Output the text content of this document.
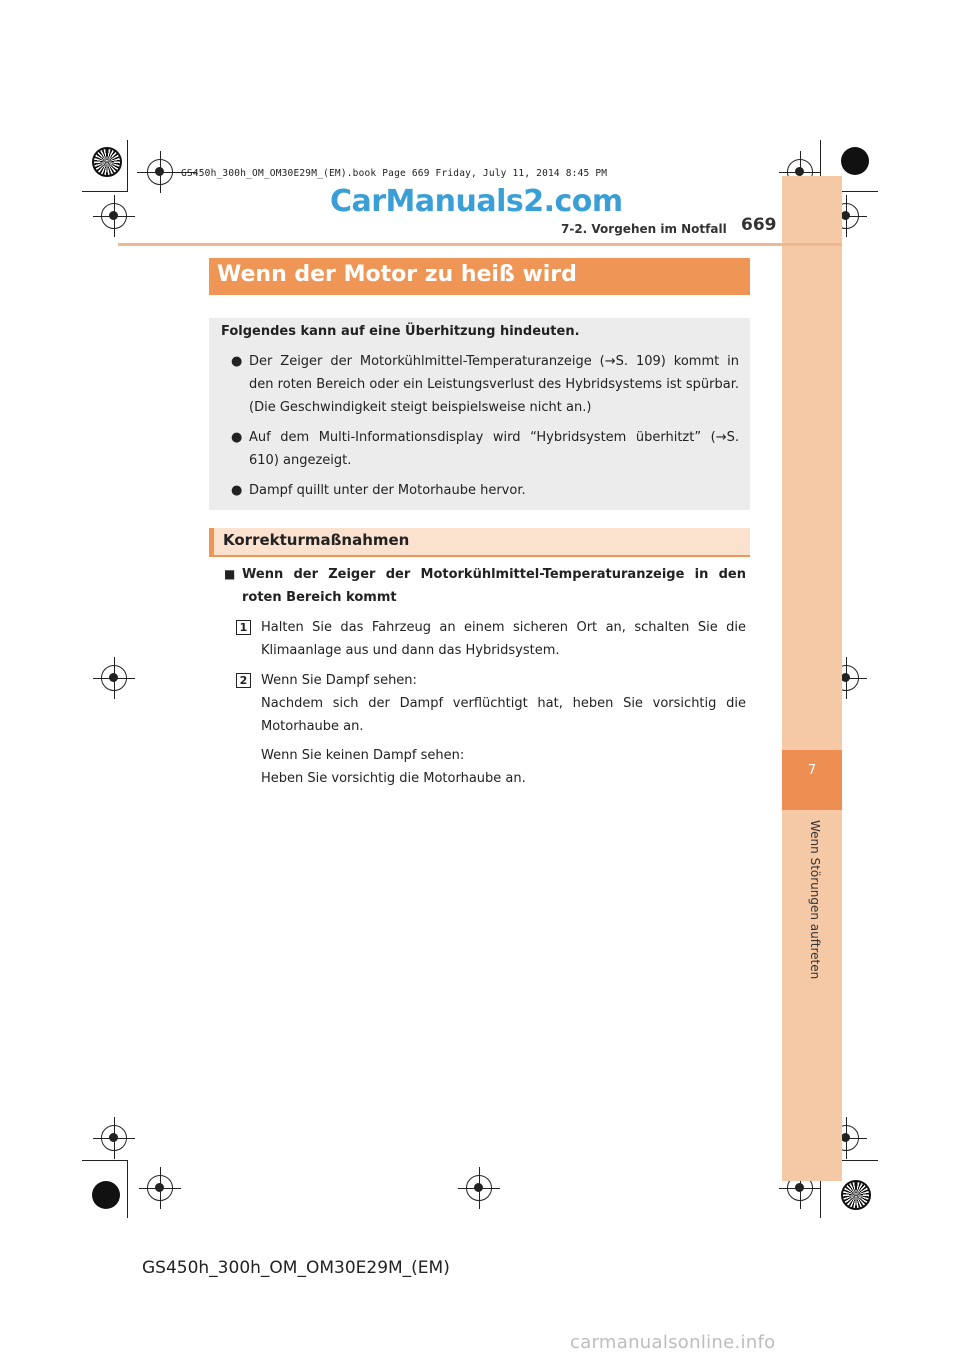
7
Wenn Störungen auftreten
GS450h_300h_OM_OM30E29M_(EM).book Page 669 Friday, July 11, 2014 8:45 PM
CarManuals2.com
7-2. Vorgehen im Notfall 669
Wenn der Motor zu heiß wird
Folgendes kann auf eine Überhitzung hindeuten.
● Der Zeiger der Motorkühlmittel-Temperaturanzeige (→S. 109) kommt in den roten Bereich oder ein Leistungsverlust des Hybridsystems ist spürbar. (Die Geschwindigkeit steigt beispielsweise nicht an.)
● Auf dem Multi-Informationsdisplay wird “Hybridsystem überhitzt” (→S. 610) angezeigt.
● Dampf quillt unter der Motorhaube hervor.
Korrekturmaßnahmen
■ Wenn der Zeiger der Motorkühlmittel-Temperaturanzeige in den roten Bereich kommt
1 Halten Sie das Fahrzeug an einem sicheren Ort an, schalten Sie die Klimaanlage aus und dann das Hybridsystem.
2 Wenn Sie Dampf sehen:
Nachdem sich der Dampf verflüchtigt hat, heben Sie vorsichtig die Motorhaube an.
Wenn Sie keinen Dampf sehen:
Heben Sie vorsichtig die Motorhaube an.
GS450h_300h_OM_OM30E29M_(EM)
carmanualsonline.info
